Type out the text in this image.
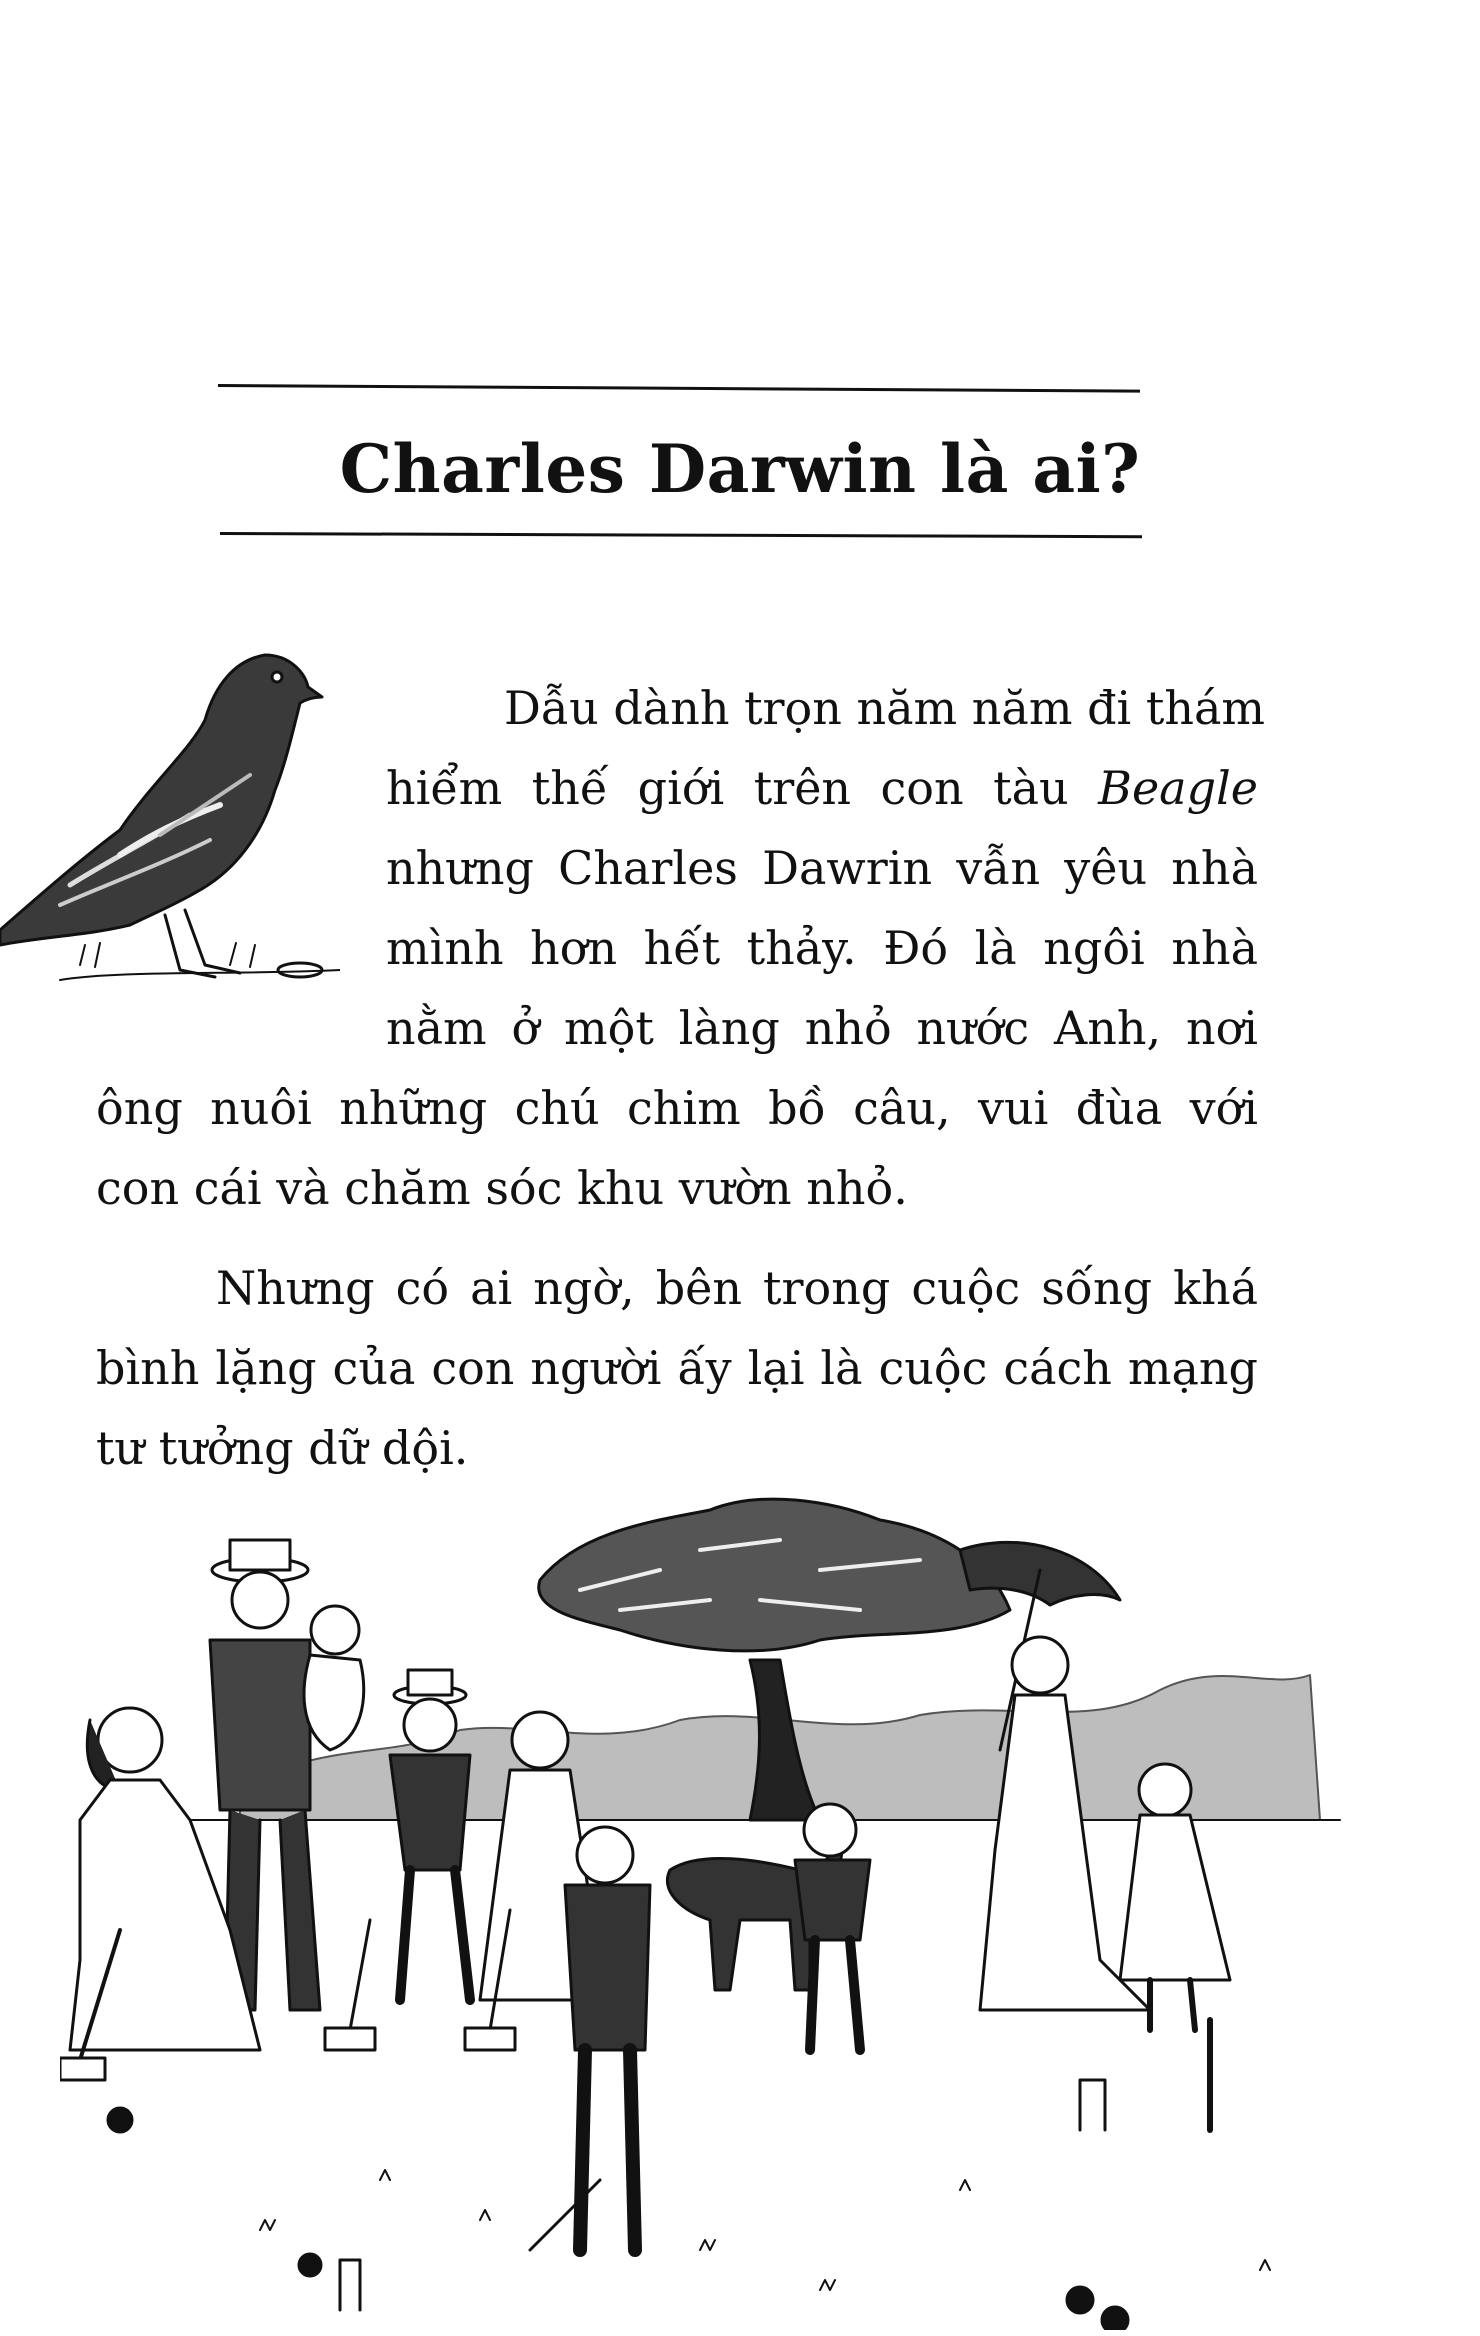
Charles Darwin là ai?
Dẫu dành trọn năm năm đi thám
hiểm thế giới trên con tàu Beagle
nhưng Charles Dawrin vẫn yêu nhà
mình hơn hết thảy. Đó là ngôi nhà
nằm ở một làng nhỏ nước Anh, nơi
ông nuôi những chú chim bồ câu, vui đùa với
con cái và chăm sóc khu vườn nhỏ.
Nhưng có ai ngờ, bên trong cuộc sống khá
bình lặng của con người ấy lại là cuộc cách mạng
tư tưởng dữ dội.
